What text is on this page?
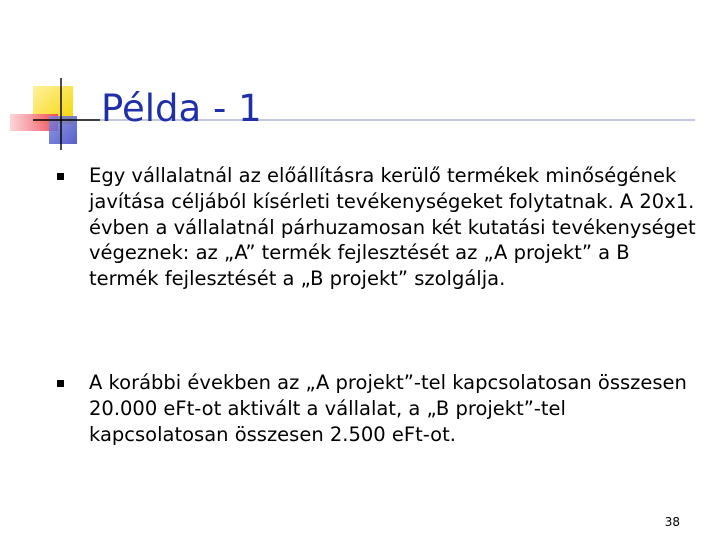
Példa - 1

Egy vállalatnál az előállításra kerülő termékek minőségének javítása céljából kísérleti tevékenységeket folytatnak. A 20x1. évben a vállalatnál párhuzamosan két kutatási tevékenységet végeznek: az „A” termék fejlesztését az „A projekt” a B termék fejlesztését a „B projekt” szolgálja.

A korábbi években az „A projekt”-tel kapcsolatosan összesen 20.000 eFt-ot aktivált a vállalat, a „B projekt”-tel kapcsolatosan összesen 2.500 eFt-ot.

38
